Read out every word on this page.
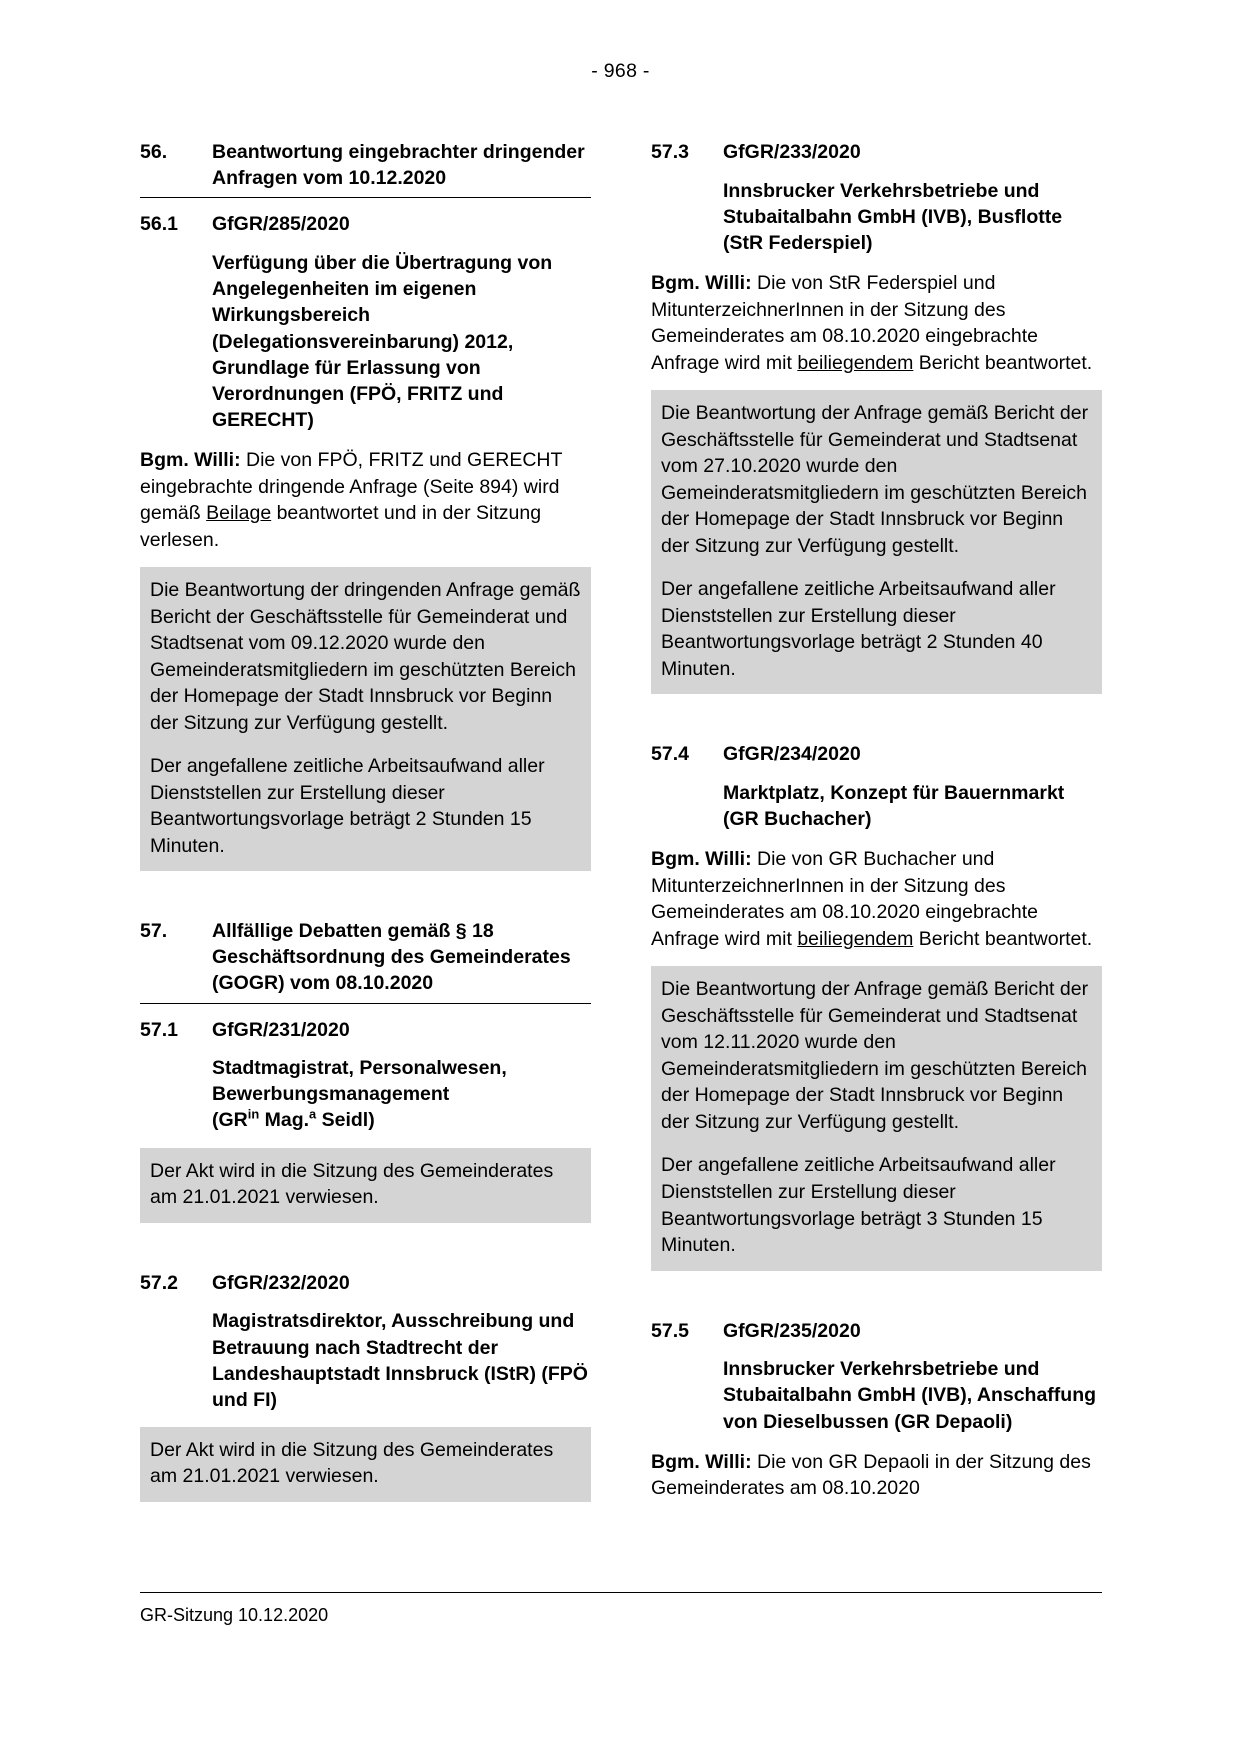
- 968 -
56.	Beantwortung eingebrachter dringender Anfragen vom 10.12.2020
56.1	GfGR/285/2020
Verfügung über die Übertragung von Angelegenheiten im eigenen Wirkungsbereich (Delegationsvereinbarung) 2012, Grundlage für Erlassung von Verordnungen (FPÖ, FRITZ und GERECHT)
Bgm. Willi: Die von FPÖ, FRITZ und GERECHT eingebrachte dringende Anfrage (Seite 894) wird gemäß Beilage beantwortet und in der Sitzung verlesen.

Die Beantwortung der dringenden Anfrage gemäß Bericht der Geschäftsstelle für Gemeinderat und Stadtsenat vom 09.12.2020 wurde den Gemeinderatsmitgliedern im geschützten Bereich der Homepage der Stadt Innsbruck vor Beginn der Sitzung zur Verfügung gestellt.

Der angefallene zeitliche Arbeitsaufwand aller Dienststellen zur Erstellung dieser Beantwortungsvorlage beträgt 2 Stunden 15 Minuten.

57.	Allfällige Debatten gemäß § 18 Geschäftsordnung des Gemeinderates (GOGR) vom 08.10.2020
57.1	GfGR/231/2020
Stadtmagistrat, Personalwesen,
Bewerbungsmanagement
($GR^{in}$ Mag.$^a$ Seidl)

Der Akt wird in die Sitzung des Gemeinderates am 21.01.2021 verwiesen.

57.2	GfGR/232/2020
Magistratsdirektor, Ausschreibung und Betrauung nach Stadtrecht der Landeshauptstadt Innsbruck (IStR) (FPÖ und FI)

Der Akt wird in die Sitzung des Gemeinderates am 21.01.2021 verwiesen.

57.3	GfGR/233/2020
Innsbrucker Verkehrsbetriebe und Stubaitalbahn GmbH (IVB), Busflotte (StR Federspiel)
Bgm. Willi: Die von StR Federspiel und MitunterzeichnerInnen in der Sitzung des Gemeinderates am 08.10.2020 eingebrachte Anfrage wird mit beiliegendem Bericht beantwortet.

Die Beantwortung der Anfrage gemäß Bericht der Geschäftsstelle für Gemeinderat und Stadtsenat vom 27.10.2020 wurde den Gemeinderatsmitgliedern im geschützten Bereich der Homepage der Stadt Innsbruck vor Beginn der Sitzung zur Verfügung gestellt.

Der angefallene zeitliche Arbeitsaufwand aller Dienststellen zur Erstellung dieser Beantwortungsvorlage beträgt 2 Stunden 40 Minuten.

57.4	GfGR/234/2020
Marktplatz, Konzept für Bauernmarkt (GR Buchacher)
Bgm. Willi: Die von GR Buchacher und MitunterzeichnerInnen in der Sitzung des Gemeinderates am 08.10.2020 eingebrachte Anfrage wird mit beiliegendem Bericht beantwortet.

Die Beantwortung der Anfrage gemäß Bericht der Geschäftsstelle für Gemeinderat und Stadtsenat vom 12.11.2020 wurde den Gemeinderatsmitgliedern im geschützten Bereich der Homepage der Stadt Innsbruck vor Beginn der Sitzung zur Verfügung gestellt.

Der angefallene zeitliche Arbeitsaufwand aller Dienststellen zur Erstellung dieser Beantwortungsvorlage beträgt 3 Stunden 15 Minuten.

57.5	GfGR/235/2020
Innsbrucker Verkehrsbetriebe und Stubaitalbahn GmbH (IVB), Anschaffung von Dieselbussen (GR Depaoli)
Bgm. Willi: Die von GR Depaoli in der Sitzung des Gemeinderates am 08.10.2020
GR-Sitzung 10.12.2020
